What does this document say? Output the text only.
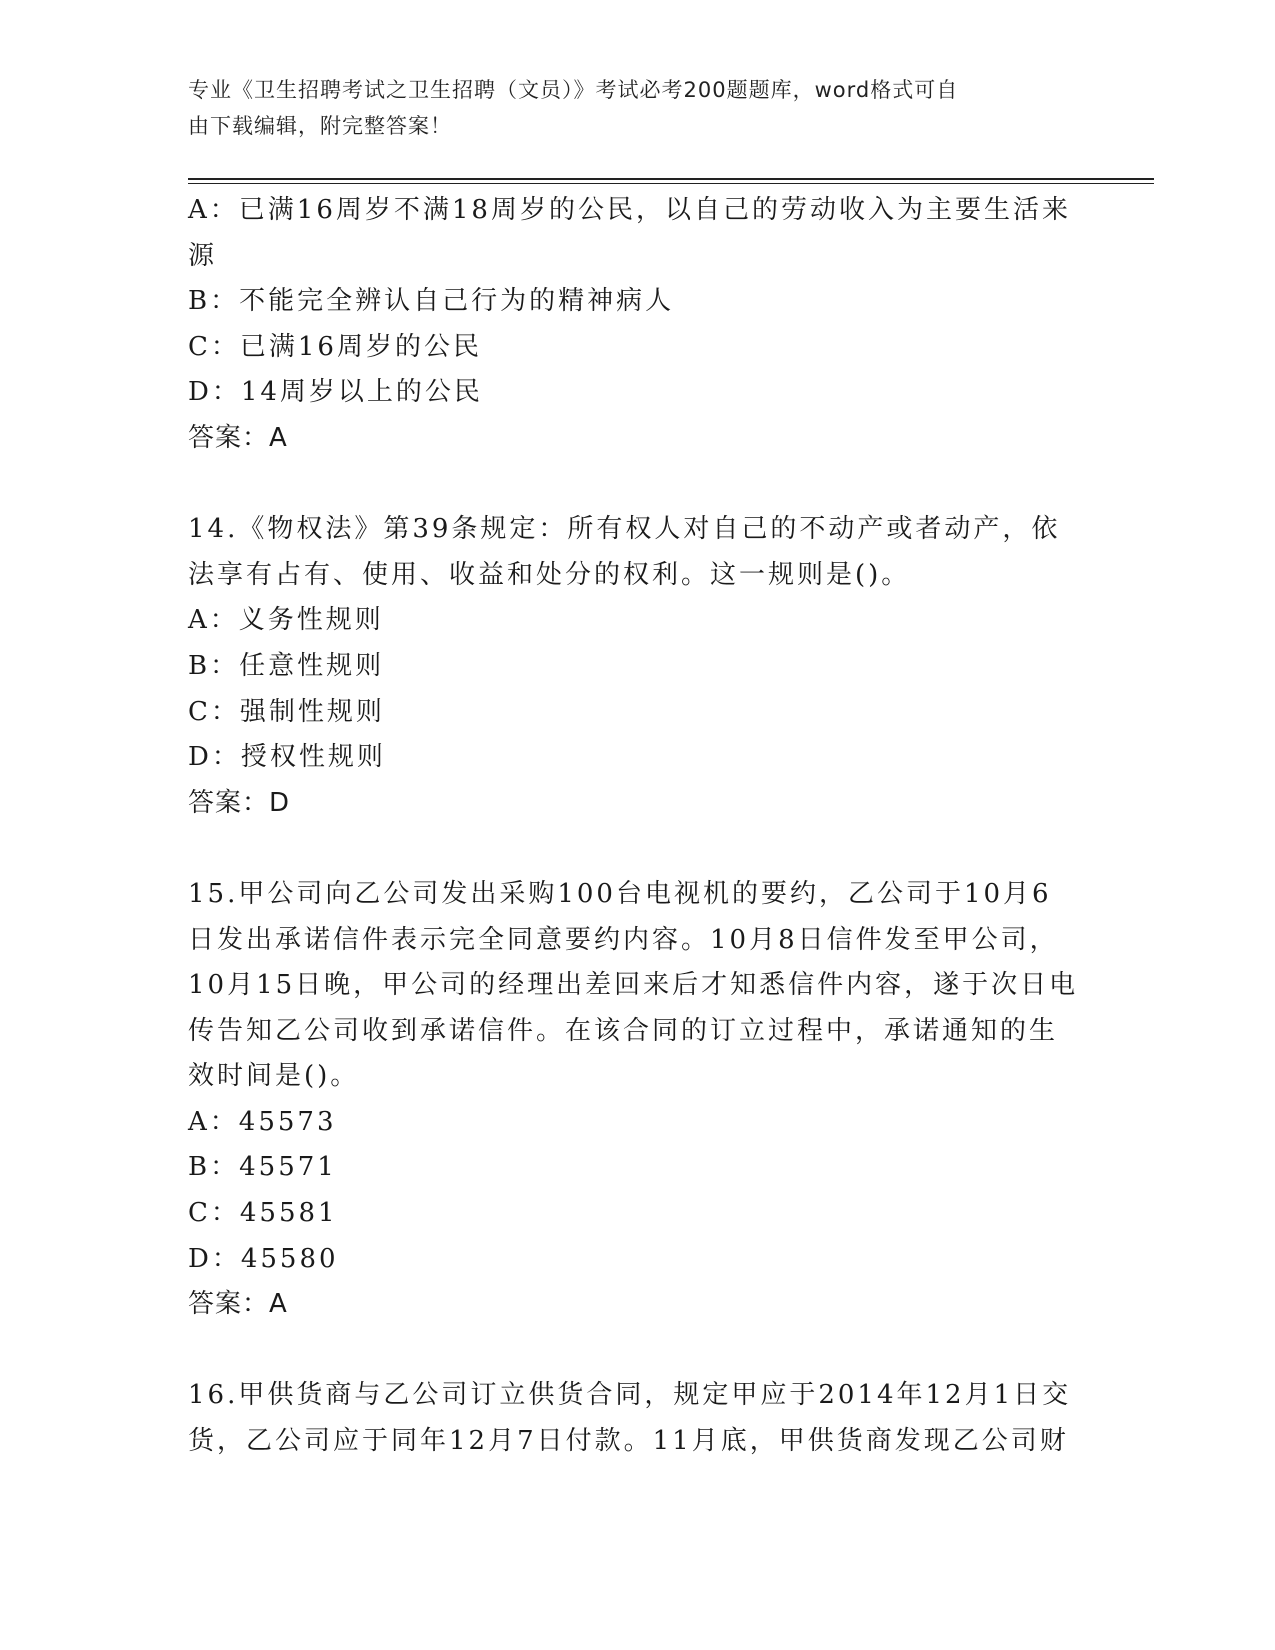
专业《卫生招聘考试之卫生招聘（文员）》考试必考200题题库，word格式可自
由下载编辑，附完整答案！
A：已满16周岁不满18周岁的公民，以自己的劳动收入为主要生活来
源
B：不能完全辨认自己行为的精神病人
C：已满16周岁的公民
D：14周岁以上的公民
答案：A
14.《物权法》第39条规定：所有权人对自己的不动产或者动产，依
法享有占有、使用、收益和处分的权利。这一规则是()。
A：义务性规则
B：任意性规则
C：强制性规则
D：授权性规则
答案：D
15.甲公司向乙公司发出采购100台电视机的要约，乙公司于10月6
日发出承诺信件表示完全同意要约内容。10月8日信件发至甲公司，
10月15日晚，甲公司的经理出差回来后才知悉信件内容，遂于次日电
传告知乙公司收到承诺信件。在该合同的订立过程中，承诺通知的生
效时间是()。
A：45573
B：45571
C：45581
D：45580
答案：A
16.甲供货商与乙公司订立供货合同，规定甲应于2014年12月1日交
货，乙公司应于同年12月7日付款。11月底，甲供货商发现乙公司财
